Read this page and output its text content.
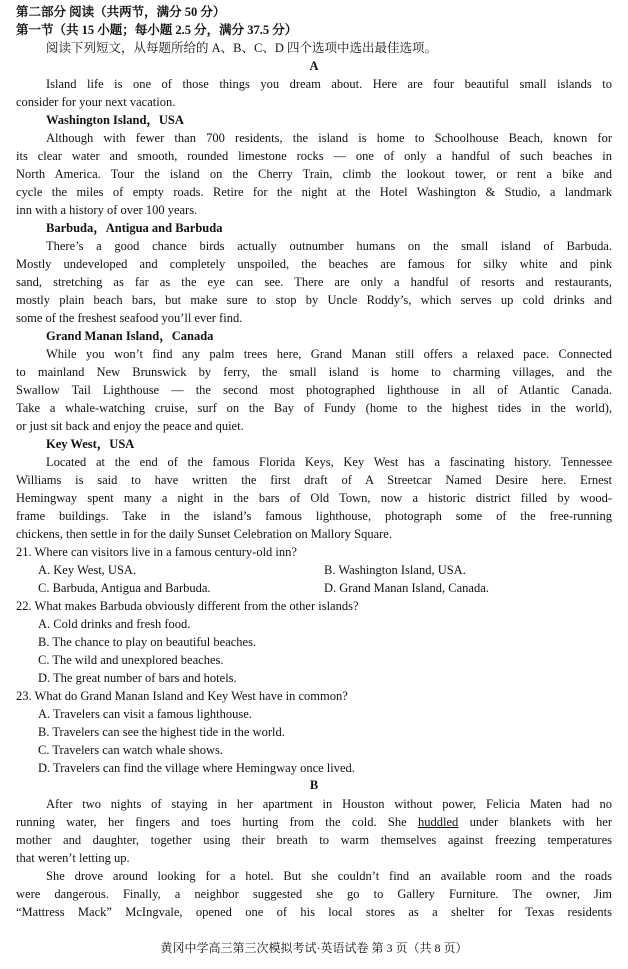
第二部分 阅读（共两节，满分 50 分）
第一节（共 15 小题；每小题 2.5 分，满分 37.5 分）
阅读下列短文，从每题所给的 A、B、C、D 四个选项中选出最佳选项。
A
Island life is one of those things you dream about. Here are four beautiful small islands to
consider for your next vacation.
Washington Island，USA
Although with fewer than 700 residents, the island is home to Schoolhouse Beach, known for
its clear water and smooth, rounded limestone rocks — one of only a handful of such beaches in
North America. Tour the island on the Cherry Train, climb the lookout tower, or rent a bike and
cycle the miles of empty roads. Retire for the night at the Hotel Washington & Studio, a landmark
inn with a history of over 100 years.
Barbuda，Antigua and Barbuda
There’s a good chance birds actually outnumber humans on the small island of Barbuda.
Mostly undeveloped and completely unspoiled, the beaches are famous for silky white and pink
sand, stretching as far as the eye can see. There are only a handful of resorts and restaurants,
mostly plain beach bars, but make sure to stop by Uncle Roddy’s, which serves up cold drinks and
some of the freshest seafood you’ll ever find.
Grand Manan Island，Canada
While you won’t find any palm trees here, Grand Manan still offers a relaxed pace. Connected
to mainland New Brunswick by ferry, the small island is home to charming villages, and the
Swallow Tail Lighthouse — the second most photographed lighthouse in all of Atlantic Canada.
Take a whale-watching cruise, surf on the Bay of Fundy (home to the highest tides in the world),
or just sit back and enjoy the peace and quiet.
Key West，USA
Located at the end of the famous Florida Keys, Key West has a fascinating history. Tennessee
Williams is said to have written the first draft of A Streetcar Named Desire here. Ernest
Hemingway spent many a night in the bars of Old Town, now a historic district filled by wood-
frame buildings. Take in the island’s famous lighthouse, photograph some of the free-running
chickens, then settle in for the daily Sunset Celebration on Mallory Square.
21. Where can visitors live in a famous century-old inn?
A. Key West, USA.	B. Washington Island, USA.
C. Barbuda, Antigua and Barbuda.	D. Grand Manan Island, Canada.
22. What makes Barbuda obviously different from the other islands?
A. Cold drinks and fresh food.
B. The chance to play on beautiful beaches.
C. The wild and unexplored beaches.
D. The great number of bars and hotels.
23. What do Grand Manan Island and Key West have in common?
A. Travelers can visit a famous lighthouse.
B. Travelers can see the highest tide in the world.
C. Travelers can watch whale shows.
D. Travelers can find the village where Hemingway once lived.
B
After two nights of staying in her apartment in Houston without power, Felicia Maten had no
running water, her fingers and toes hurting from the cold. She huddled under blankets with her
mother and daughter, together using their breath to warm themselves against freezing temperatures
that weren’t letting up.
She drove around looking for a hotel. But she couldn’t find an available room and the roads
were dangerous. Finally, a neighbor suggested she go to Gallery Furniture. The owner, Jim
“Mattress Mack” McIngvale, opened one of his local stores as a shelter for Texas residents
黄冈中学高三第三次模拟考试·英语试卷 第 3 页（共 8 页）
